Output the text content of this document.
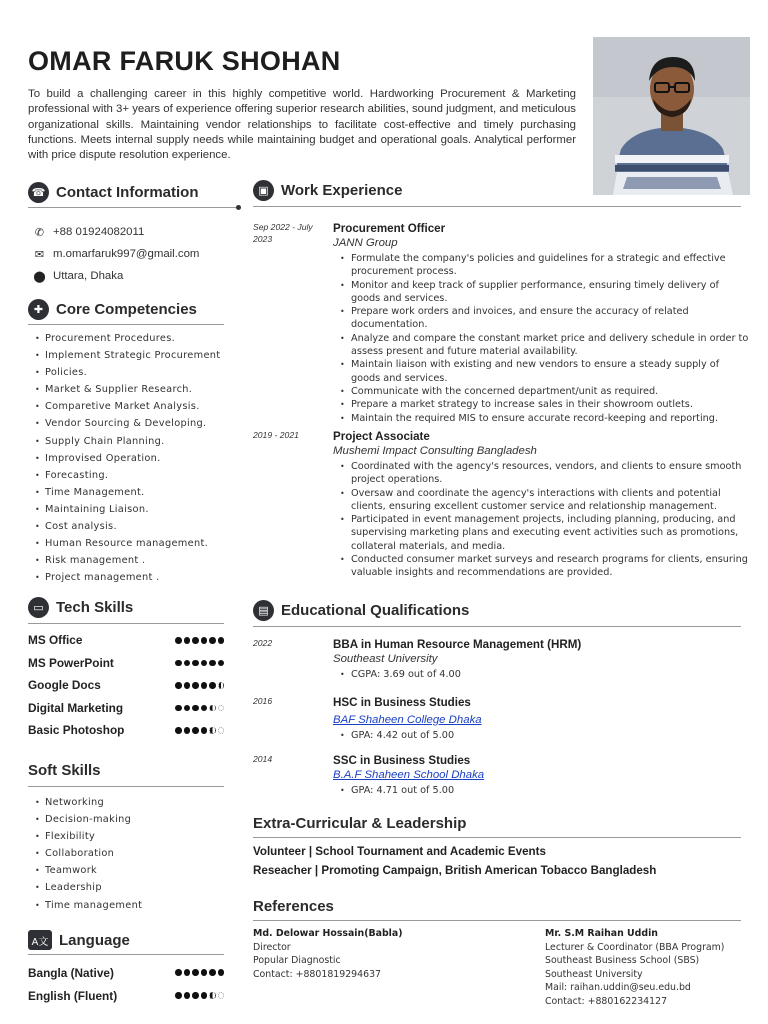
OMAR FARUK SHOHAN
To build a challenging career in this highly competitive world. Hardworking Procurement & Marketing professional with 3+ years of experience offering superior research abilities, sound judgment, and meticulous organizational skills. Maintaining vendor relationships to facilitate cost-effective and timely purchasing functions. Meets internal supply needs while maintaining budget and operational goals. Analytical performer with price dispute resolution experience.
☎ Contact Information
✆ +88 01924082011
✉ m.omarfaruk997@gmail.com
⬤ Uttara, Dhaka
✚ Core Competencies
• Procurement Procedures.
• Implement Strategic Procurement
• Policies.
• Market & Supplier Research.
• Comparetive Market Analysis.
• Vendor Sourcing & Developing.
• Supply Chain Planning.
• Improvised Operation.
• Forecasting.
• Time Management.
• Maintaining Liaison.
• Cost analysis.
• Human Resource management.
• Risk management .
• Project management .
▭ Tech Skills
MS Office
MS PowerPoint
Google Docs
Digital Marketing
Basic Photoshop
Soft Skills
• Networking
• Decision-making
• Flexibility
• Collaboration
• Teamwork
• Leadership
• Time management
A文 Language
Bangla (Native)
English (Fluent)
▣ Work Experience
Sep 2022 - July 2023
Procurement Officer
JANN Group
• Formulate the company's policies and guidelines for a strategic and effective procurement process.
• Monitor and keep track of supplier performance, ensuring timely delivery of goods and services.
• Prepare work orders and invoices, and ensure the accuracy of related documentation.
• Analyze and compare the constant market price and delivery schedule in order to assess present and future material availability.
• Maintain liaison with existing and new vendors to ensure a steady supply of goods and services.
• Communicate with the concerned department/unit as required.
• Prepare a market strategy to increase sales in their showroom outlets.
• Maintain the required MIS to ensure accurate record-keeping and reporting.
2019 - 2021	Project Associate
Mushemi Impact Consulting Bangladesh
• Coordinated with the agency's resources, vendors, and clients to ensure smooth project operations.
• Oversaw and coordinate the agency's interactions with clients and potential clients, ensuring excellent customer service and relationship management.
• Participated in event management projects, including planning, producing, and supervising marketing plans and executing event activities such as promotions, collateral materials, and media.
• Conducted consumer market surveys and research programs for clients, ensuring valuable insights and recommendations are provided.
▤ Educational Qualifications
2022	BBA in Human Resource Management (HRM)
Southeast University
• CGPA: 3.69 out of 4.00
2016	HSC in Business Studies
BAF Shaheen College Dhaka
• GPA: 4.42 out of 5.00
2014	SSC in Business Studies
B.A.F Shaheen School Dhaka
• GPA: 4.71 out of 5.00
Extra-Curricular & Leadership
Volunteer | School Tournament and Academic Events
Reseacher | Promoting Campaign, British American Tobacco Bangladesh
References
Md. Delowar Hossain(Babla)
Director
Popular Diagnostic
Contact: +8801819294637
Mr. S.M Raihan Uddin
Lecturer & Coordinator (BBA Program)
Southeast Business School (SBS)
Southeast University
Mail: raihan.uddin@seu.edu.bd
Contact: +880162234127
